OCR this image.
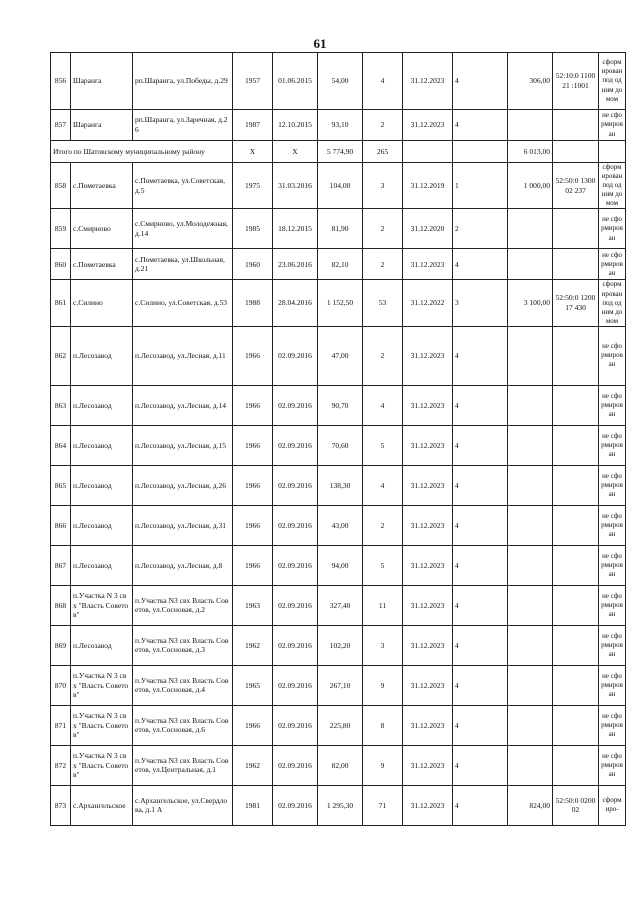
61
856	Шаранга	рп.Шаранга, ул.Победы, д.29	1957	01.06.2015	54,00	4	31.12.2023	4	306,00	52:10:0 110021 :1001	сформирован под одним домом
857	Шаранга	рп.Шаранга, ул.Заречная, д.26	1987	12.10.2015	93,10	2	31.12.2023	4			не сформирован
Итого по Шатовскому муниципальному району			X	X	5 774,90	265			6 013,00		
858	с.Пометаевка	с.Пометаевка, ул.Советская, д.5	1975	31.03.2016	104,00	3	31.12.2019	1	1 000,00	52:50:0 130002 237	сформирован под одним домом
859	с.Смирново	с.Смирново, ул.Молодежная, д.14	1985	18.12.2015	81,90	2	31.12.2020	2			не сформирован
860	с.Пометаевка	с.Пометаевка, ул.Школьная, д.21	1960	23.06.2016	82,10	2	31.12.2023	4			не сформирован
861	с.Силино	с.Силино, ул.Советская, д.53	1988	28.04.2016	1 152,50	53	31.12.2022	3	3 100,00	52:50:0 120017 430	сформирован под одним домом
862	п.Лесозавод	п.Лесозавод, ул.Лесная, д.11	1966	02.09.2016	47,00	2	31.12.2023	4			не сформирован
863	п.Лесозавод	п.Лесозавод, ул.Лесная, д.14	1966	02.09.2016	90,70	4	31.12.2023	4			не сформирован
864	п.Лесозавод	п.Лесозавод, ул.Лесная, д.15	1966	02.09.2016	70,60	5	31.12.2023	4			не сформирован
865	п.Лесозавод	п.Лесозавод, ул.Лесная, д.26	1966	02.09.2016	138,30	4	31.12.2023	4			не сформирован
866	п.Лесозавод	п.Лесозавод, ул.Лесная, д.31	1966	02.09.2016	43,00	2	31.12.2023	4			не сформирован
867	п.Лесозавод	п.Лесозавод, ул.Лесная, д.8	1966	02.09.2016	94,00	5	31.12.2023	4			не сформирован
868	п.Участка N 3 свх "Власть Советов"	п.Участка N3 свх Власть Советов, ул.Сосновая, д.2	1963	02.09.2016	327,40	11	31.12.2023	4			не сформирован
869	п.Лесозавод	п.Участка N3 свх Власть Советов, ул.Сосновая, д.3	1962	02.09.2016	102,20	3	31.12.2023	4			не сформирован
870	п.Участка N 3 свх "Власть Советов"	п.Участка N3 свх Власть Советов, ул.Сосновая, д.4	1965	02.09.2016	267,10	9	31.12.2023	4			не сформирован
871	п.Участка N 3 свх "Власть Советов"	п.Участка N3 свх Власть Советов, ул.Сосновая, д.6	1966	02.09.2016	225,80	8	31.12.2023	4			не сформирован
872	п.Участка N 3 свх "Власть Советов"	п.Участка N3 свх Власть Советов, ул.Центральная, д.1	1962	02.09.2016	82,00	9	31.12.2023	4			не сформирован
873	с.Архангельское	с.Архангельское, ул.Свердлова, д.1 А	1981	02.09.2016	1 295,30	71	31.12.2023	4	824,00	52:50:0 020002	сформиро-
